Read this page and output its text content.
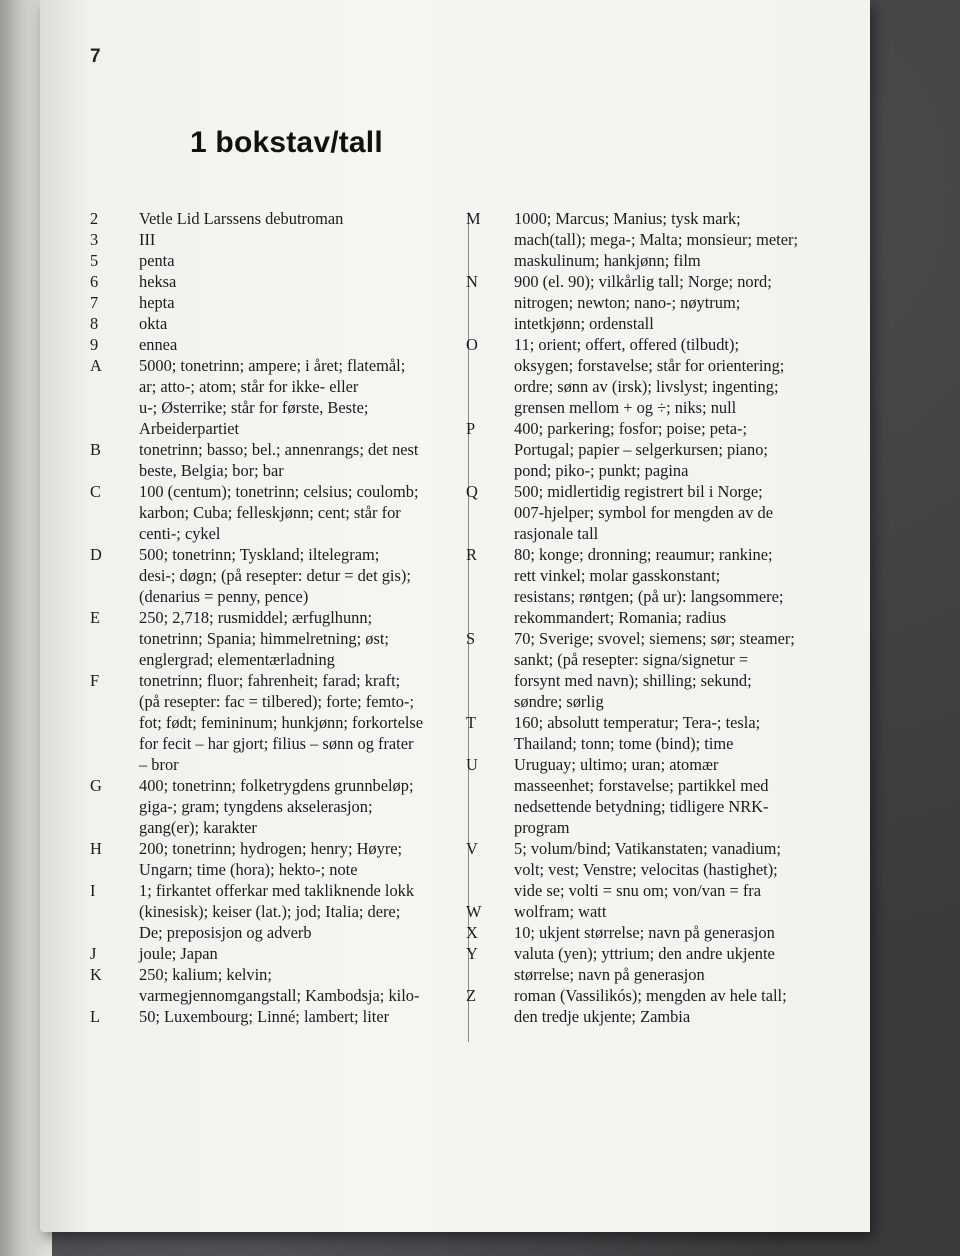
7
1 bokstav/tall
2	Vetle Lid Larssens debutroman
3	III
5	penta
6	heksa
7	hepta
8	okta
9	ennea
A	5000; tonetrinn; ampere; i året; flatemål;
ar; atto-; atom; står for ikke- eller
u-; Østerrike; står for første, Beste;
Arbeiderpartiet
B	tonetrinn; basso; bel.; annenrangs; det nest
beste, Belgia; bor; bar
C	100 (centum); tonetrinn; celsius; coulomb;
karbon; Cuba; felleskjønn; cent; står for
centi-; cykel
D	500; tonetrinn; Tyskland; iltelegram;
desi-; døgn; (på resepter: detur = det gis);
(denarius = penny, pence)
E	250; 2,718; rusmiddel; ærfuglhunn;
tonetrinn; Spania; himmelretning; øst;
englergrad; elementærladning
F	tonetrinn; fluor; fahrenheit; farad; kraft;
(på resepter: fac = tilbered); forte; femto-;
fot; født; femininum; hunkjønn; forkortelse
for fecit – har gjort; filius – sønn og frater
– bror
G	400; tonetrinn; folketrygdens grunnbeløp;
giga-; gram; tyngdens akselerasjon;
gang(er); karakter
H	200; tonetrinn; hydrogen; henry; Høyre;
Ungarn; time (hora); hekto-; note
I	1; firkantet offerkar med takliknende lokk
(kinesisk); keiser (lat.); jod; Italia; dere;
De; preposisjon og adverb
J	joule; Japan
K	250; kalium; kelvin;
varmegjennomgangstall; Kambodsja; kilo-
L	50; Luxembourg; Linné; lambert; liter
M	1000; Marcus; Manius; tysk mark;
mach(tall); mega-; Malta; monsieur; meter;
maskulinum; hankjønn; film
N	900 (el. 90); vilkårlig tall; Norge; nord;
nitrogen; newton; nano-; nøytrum;
intetkjønn; ordenstall
O	11; orient; offert, offered (tilbudt);
oksygen; forstavelse; står for orientering;
ordre; sønn av (irsk); livslyst; ingenting;
grensen mellom + og ÷; niks; null
P	400; parkering; fosfor; poise; peta-;
Portugal; papier – selgerkursen; piano;
pond; piko-; punkt; pagina
Q	500; midlertidig registrert bil i Norge;
007-hjelper; symbol for mengden av de
rasjonale tall
R	80; konge; dronning; reaumur; rankine;
rett vinkel; molar gasskonstant;
resistans; røntgen; (på ur): langsommere;
rekommandert; Romania; radius
S	70; Sverige; svovel; siemens; sør; steamer;
sankt; (på resepter: signa/signetur =
forsynt med navn); shilling; sekund;
søndre; sørlig
T	160; absolutt temperatur; Tera-; tesla;
Thailand; tonn; tome (bind); time
U	Uruguay; ultimo; uran; atomær
masseenhet; forstavelse; partikkel med
nedsettende betydning; tidligere NRK-
program
V	5; volum/bind; Vatikanstaten; vanadium;
volt; vest; Venstre; velocitas (hastighet);
vide se; volti = snu om; von/van = fra
W	wolfram; watt
X	10; ukjent størrelse; navn på generasjon
Y	valuta (yen); yttrium; den andre ukjente
størrelse; navn på generasjon
Z	roman (Vassilikós); mengden av hele tall;
den tredje ukjente; Zambia
